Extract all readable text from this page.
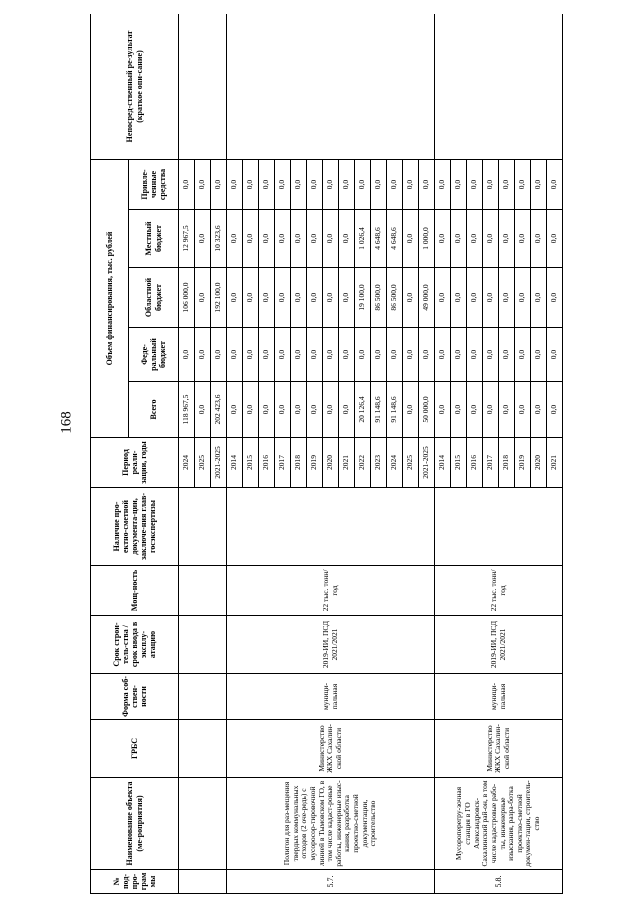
168
№ под-про-грам мы	Наименование объекта (ме-роприятия)	ГРБС	Форма соб-ствен-ности	Срок строи-тель-ства / срок ввода в эксплу-атацию	Мощ-ность	Наличие про-ектно-сметной документа-ции, заключе-ния глав-госэкспертизы	Период реали-зации, годы	Объем финансирования, тыс. рублей					Непосред-ственный ре-зультат (краткое опи-сание)
								Всего	Феде-ральный бюджет	Областной бюджет	Местный бюджет	Привле-ченные средства	
							2024	118 967,5	0,0	106 000,0	12 967,5	0,0	
							2025	0,0	0,0	0,0	0,0	0,0	
							2021-2025	202 423,6	0,0	192 100,0	10 323,6	0,0	
5.7.	Полигон для раз-мещения твердых коммунальных отходов (2 оче-редь) с мусоросор-тировочной линией в Тымовском ГО, в том числе кадаст-ровые работы, инженерные изыс-кания, разработка проектно-сметной документации, строительство	Министерство ЖКХ Сахалин-ской области	муници-пальная	2019-ИИ, ПСД 2021/2021	22 тыс. тонн/год		2014	0,0	0,0	0,0	0,0	0,0	
							2015	0,0	0,0	0,0	0,0	0,0	
							2016	0,0	0,0	0,0	0,0	0,0	
							2017	0,0	0,0	0,0	0,0	0,0	
							2018	0,0	0,0	0,0	0,0	0,0	
							2019	0,0	0,0	0,0	0,0	0,0	
							2020	0,0	0,0	0,0	0,0	0,0	
							2021	0,0	0,0	0,0	0,0	0,0	
							2022	20 126,4	0,0	19 100,0	1 026,4	0,0	
							2023	91 148,6	0,0	86 500,0	4 648,6	0,0	
							2024	91 148,6	0,0	86 500,0	4 648,6	0,0	
							2025	0,0	0,0	0,0	0,0	0,0	
							2021-2025	50 000,0	0,0	49 000,0	1 000,0	0,0	
5.8.	Мусороперегру-зочная станция в ГО Александровск-Сахалинский рай-он, в том числе кадастровые рабо-ты, инженерные изыскания, разра-ботка проектно-сметной докумен-тации, строитель-ство	Министерство ЖКХ Сахалин-ской области	муници-пальная	2019-ИИ, ПСД 2021/2021	22 тыс. тонн/год		2014	0,0	0,0	0,0	0,0	0,0	
							2015	0,0	0,0	0,0	0,0	0,0	
							2016	0,0	0,0	0,0	0,0	0,0	
							2017	0,0	0,0	0,0	0,0	0,0	
							2018	0,0	0,0	0,0	0,0	0,0	
							2019	0,0	0,0	0,0	0,0	0,0	
							2020	0,0	0,0	0,0	0,0	0,0	
							2021	0,0	0,0	0,0	0,0	0,0	
